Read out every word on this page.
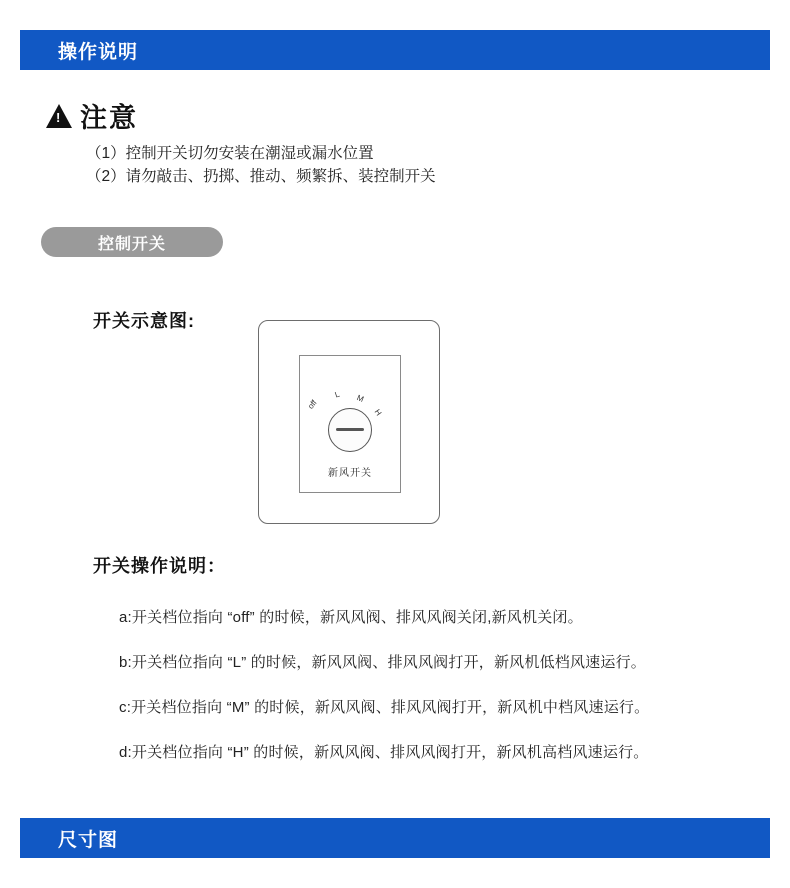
操作说明
!
注意
（1）控制开关切勿安装在潮湿或漏水位置
（2）请勿敲击、扔掷、推动、频繁拆、装控制开关
控制开关
开关示意图:
off
L M
H
新风开关
开关操作说明：
a:开关档位指向 “off” 的时候，新风风阀、排风风阀关闭,新风机关闭。
b:开关档位指向 “L” 的时候，新风风阀、排风风阀打开，新风机低档风速运行。
c:开关档位指向 “M” 的时候，新风风阀、排风风阀打开，新风机中档风速运行。
d:开关档位指向 “H” 的时候，新风风阀、排风风阀打开，新风机高档风速运行。
尺寸图
